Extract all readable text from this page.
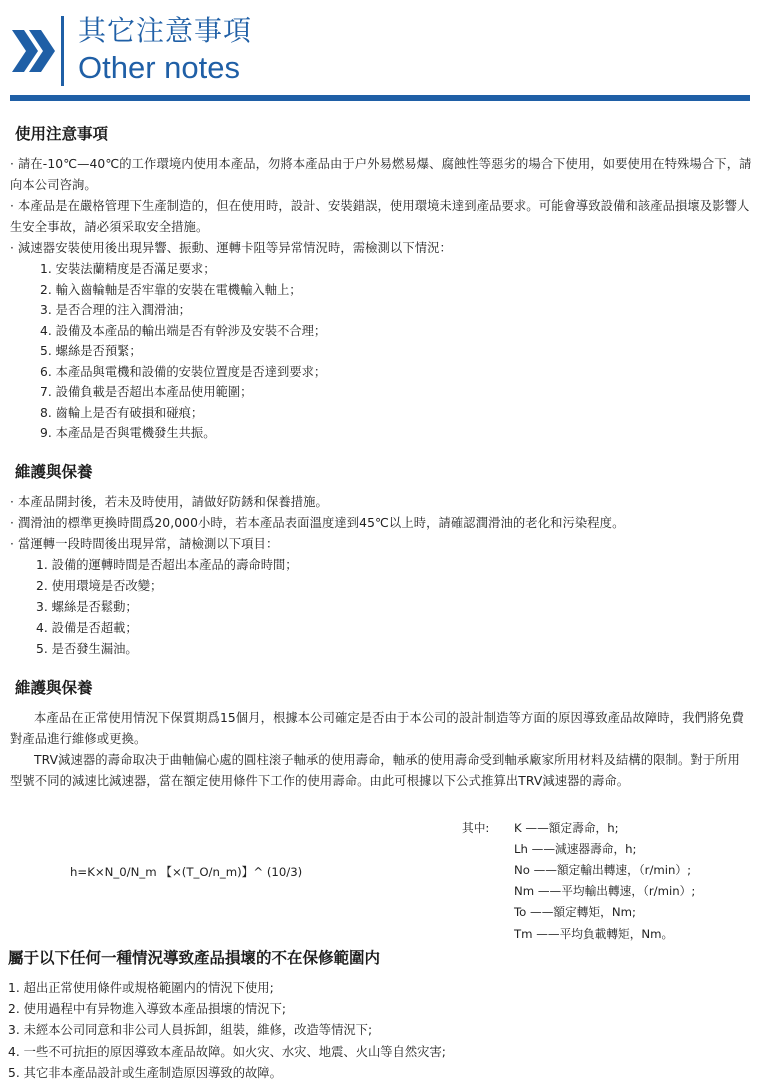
其它注意事項
Other notes
使用注意事項

· 請在-10℃—40℃的工作環境内使用本產品，勿將本產品由于户外易燃易爆、腐蝕性等惡劣的場合下使用，如要使用在特殊場合下，請向本公司咨詢。

· 本產品是在嚴格管理下生產制造的，但在使用時，設計、安裝錯誤，使用環境未達到產品要求。可能會導致設備和該產品損壞及影響人生安全事故，請必須采取安全措施。

· 減速器安裝使用後出現异響、振動、運轉卡阻等异常情況時，需檢測以下情況：

1. 安裝法蘭精度是否滿足要求；
2. 輸入齒輪軸是否牢靠的安裝在電機輸入軸上；
3. 是否合理的注入潤滑油；
4. 設備及本產品的輸出端是否有幹涉及安裝不合理；
5. 螺絲是否預緊；
6. 本產品與電機和設備的安裝位置度是否達到要求；
7. 設備負載是否超出本產品使用範圍；
8. 齒輪上是否有破損和碰痕；
9. 本產品是否與電機發生共振。
維護與保養

· 本產品開封後，若未及時使用，請做好防銹和保養措施。

· 潤滑油的標準更換時間爲20,000小時，若本產品表面溫度達到45℃以上時，請確認潤滑油的老化和污染程度。

· 當運轉一段時間後出現异常，請檢測以下項目：

1. 設備的運轉時間是否超出本產品的壽命時間；
2. 使用環境是否改變；
3. 螺絲是否鬆動；
4. 設備是否超載；
5. 是否發生漏油。
維護與保養

本產品在正常使用情況下保質期爲15個月，根據本公司確定是否由于本公司的設計制造等方面的原因導致產品故障時，我們將免費對產品進行維修或更換。

TRV減速器的壽命取决于曲軸偏心處的圓柱滚子軸承的使用壽命，軸承的使用壽命受到軸承廠家所用材料及結構的限制。對于所用型號不同的減速比減速器，當在額定使用條件下工作的使用壽命。由此可根據以下公式推算出TRV減速器的壽命。

h=K×N_0/N_m 【×(T_O/n_m)】^ (10/3)
其中: K ——額定壽命，h;
Lh ——減速器壽命，h;
No ——額定輸出轉速，（r/min）;
Nm ——平均輸出轉速，（r/min）;
To ——額定轉矩，Nm;
Tm ——平均負載轉矩，Nm。
屬于以下任何一種情況導致產品損壞的不在保修範圍内
1. 超出正常使用條件或規格範圍内的情況下使用;
2. 使用過程中有异物進入導致本產品損壞的情況下;
3. 未經本公司同意和非公司人員拆卸，組裝，維修，改造等情況下;
4. 一些不可抗拒的原因導致本產品故障。如火灾、水灾、地震、火山等自然灾害;
5. 其它非本產品設計或生產制造原因導致的故障。
